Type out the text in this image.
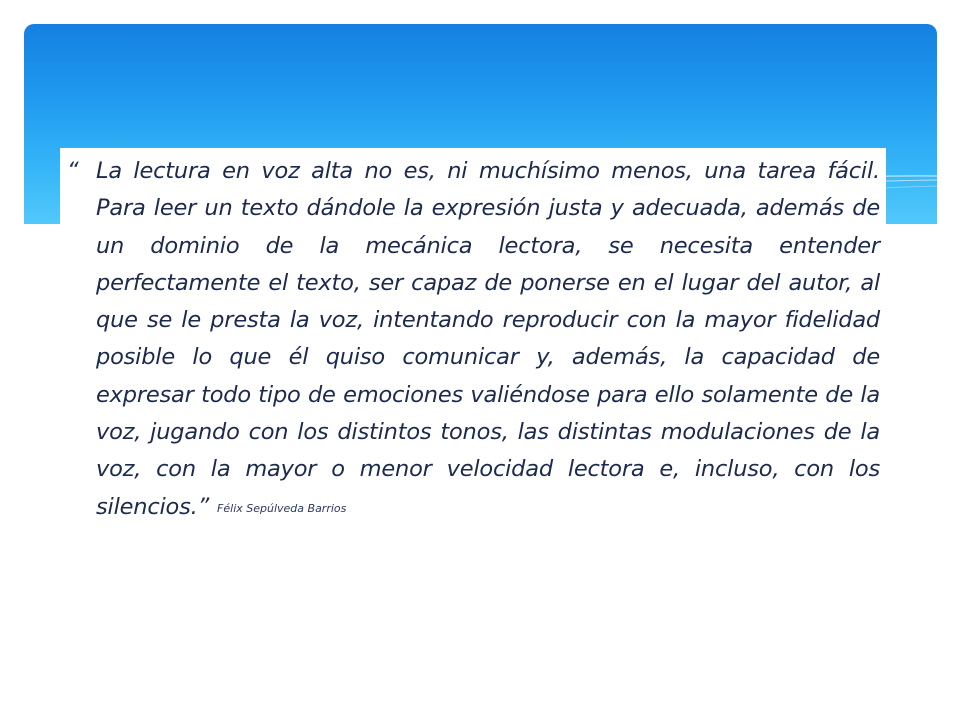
“ La lectura en voz alta no es, ni muchísimo menos, una tarea fácil. Para leer un texto dándole la expresión justa y adecuada, además de un dominio de la mecánica lectora, se necesita entender perfectamente el texto, ser capaz de ponerse en el lugar del autor, al que se le presta la voz, intentando reproducir con la mayor fidelidad posible lo que él quiso comunicar y, además, la capacidad de expresar todo tipo de emociones valiéndose para ello solamente de la voz, jugando con los distintos tonos, las distintas modulaciones de la voz, con la mayor o menor velocidad lectora e, incluso, con los silencios.” Félix Sepúlveda Barrios
